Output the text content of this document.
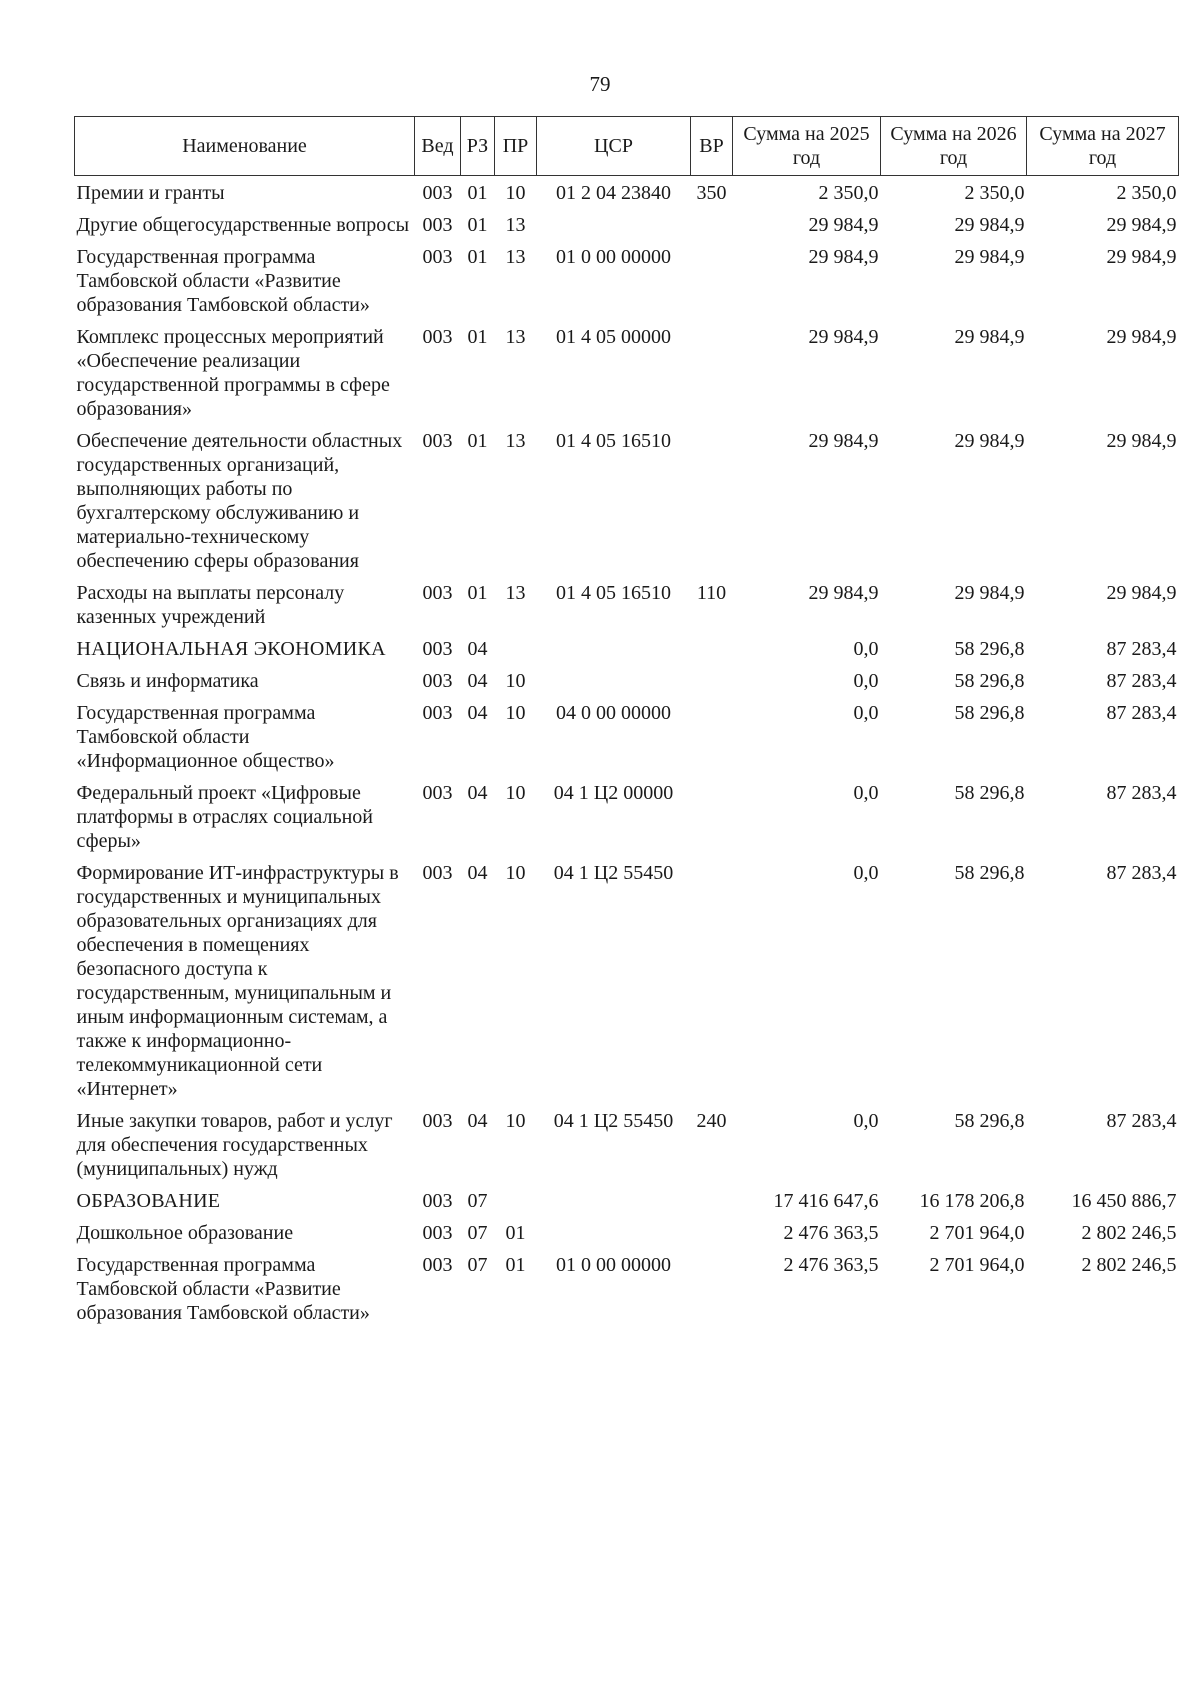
79
Наименование	Вед	РЗ	ПР	ЦСР	ВР	Сумма на 2025 год	Сумма на 2026 год	Сумма на 2027 год
Премии и гранты	003	01	10	01 2 04 23840	350	2 350,0	2 350,0	2 350,0
Другие общегосударственные вопросы	003	01	13			29 984,9	29 984,9	29 984,9
Государственная программа Тамбовской области «Развитие образования Тамбовской области»	003	01	13	01 0 00 00000		29 984,9	29 984,9	29 984,9
Комплекс процессных мероприятий «Обеспечение реализации государственной программы в сфере образования»	003	01	13	01 4 05 00000		29 984,9	29 984,9	29 984,9
Обеспечение деятельности областных государственных организаций, выполняющих работы по бухгалтерскому обслуживанию и материально-техническому обеспечению сферы образования	003	01	13	01 4 05 16510		29 984,9	29 984,9	29 984,9
Расходы на выплаты персоналу казенных учреждений	003	01	13	01 4 05 16510	110	29 984,9	29 984,9	29 984,9
НАЦИОНАЛЬНАЯ ЭКОНОМИКА	003	04				0,0	58 296,8	87 283,4
Связь и информатика	003	04	10			0,0	58 296,8	87 283,4
Государственная программа Тамбовской области «Информационное общество»	003	04	10	04 0 00 00000		0,0	58 296,8	87 283,4
Федеральный проект «Цифровые платформы в отраслях социальной сферы»	003	04	10	04 1 Ц2 00000		0,0	58 296,8	87 283,4
Формирование ИТ-инфраструктуры в государственных и муниципальных образовательных организациях для обеспечения в помещениях безопасного доступа к государственным, муниципальным и иным информационным системам, а также к информационно-телекоммуникационной сети «Интернет»	003	04	10	04 1 Ц2 55450		0,0	58 296,8	87 283,4
Иные закупки товаров, работ и услуг для обеспечения государственных (муниципальных) нужд	003	04	10	04 1 Ц2 55450	240	0,0	58 296,8	87 283,4
ОБРАЗОВАНИЕ	003	07				17 416 647,6	16 178 206,8	16 450 886,7
Дошкольное образование	003	07	01			2 476 363,5	2 701 964,0	2 802 246,5
Государственная программа Тамбовской области «Развитие образования Тамбовской области»	003	07	01	01 0 00 00000		2 476 363,5	2 701 964,0	2 802 246,5
